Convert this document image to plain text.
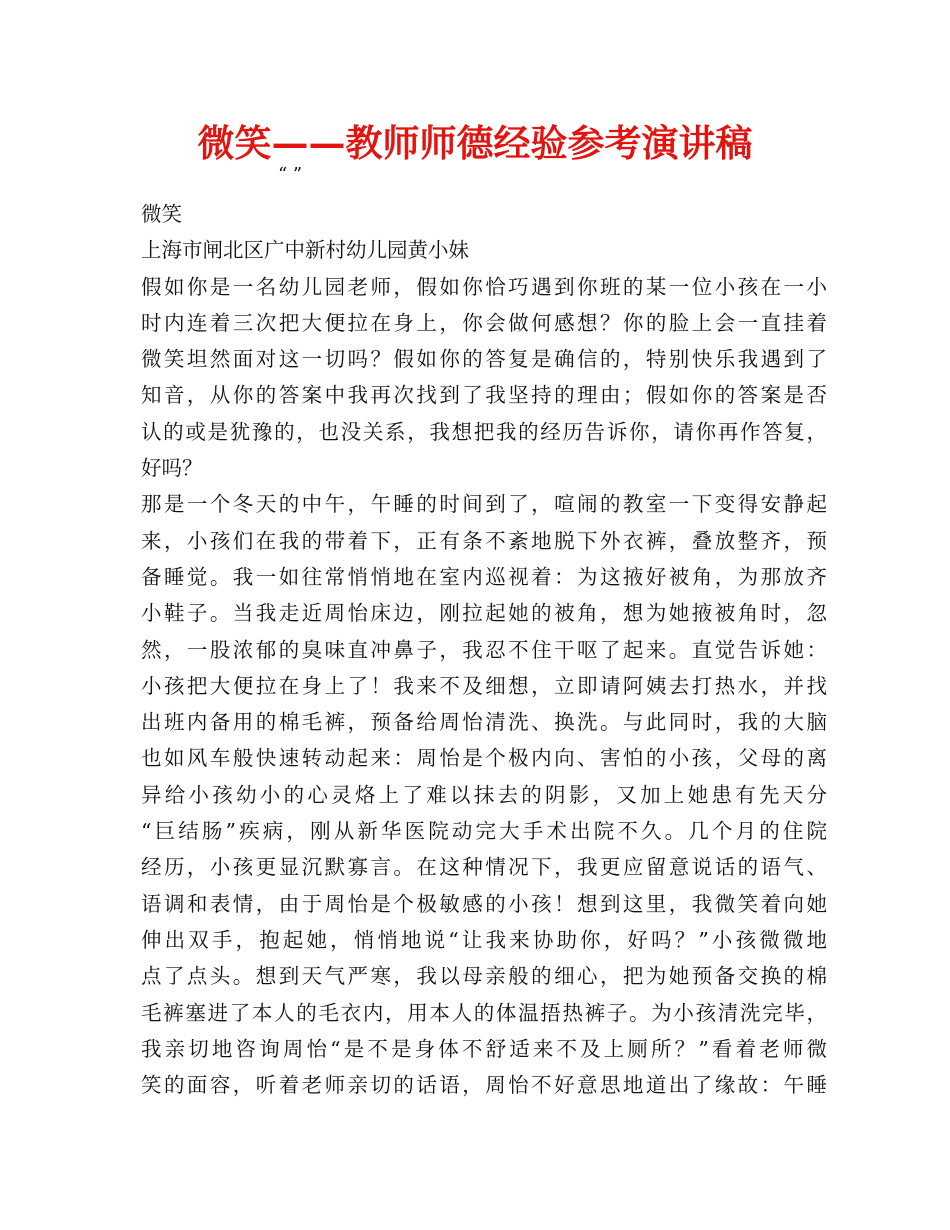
微笑——教师师德经验参考演讲稿
“ ”
微笑
上海市闸北区广中新村幼儿园黄小妹
假如你是一名幼儿园老师，假如你恰巧遇到你班的某一位小孩在一小
时内连着三次把大便拉在身上，你会做何感想？你的脸上会一直挂着
微笑坦然面对这一切吗？假如你的答复是确信的，特别快乐我遇到了
知音，从你的答案中我再次找到了我坚持的理由；假如你的答案是否
认的或是犹豫的，也没关系，我想把我的经历告诉你，请你再作答复，
好吗？
那是一个冬天的中午，午睡的时间到了，喧闹的教室一下变得安静起
来，小孩们在我的带着下，正有条不紊地脱下外衣裤，叠放整齐，预
备睡觉。我一如往常悄悄地在室内巡视着：为这掖好被角，为那放齐
小鞋子。当我走近周怡床边，刚拉起她的被角，想为她掖被角时，忽
然，一股浓郁的臭味直冲鼻子，我忍不住干呕了起来。直觉告诉她：
小孩把大便拉在身上了！我来不及细想，立即请阿姨去打热水，并找
出班内备用的棉毛裤，预备给周怡清洗、换洗。与此同时，我的大脑
也如风车般快速转动起来：周怡是个极内向、害怕的小孩，父母的离
异给小孩幼小的心灵烙上了难以抹去的阴影，又加上她患有先天分
“巨结肠”疾病，刚从新华医院动完大手术出院不久。几个月的住院
经历，小孩更显沉默寡言。在这种情况下，我更应留意说话的语气、
语调和表情，由于周怡是个极敏感的小孩！想到这里，我微笑着向她
伸出双手，抱起她，悄悄地说“让我来协助你，好吗？”小孩微微地
点了点头。想到天气严寒，我以母亲般的细心，把为她预备交换的棉
毛裤塞进了本人的毛衣内，用本人的体温捂热裤子。为小孩清洗完毕，
我亲切地咨询周怡“是不是身体不舒适来不及上厕所？”看着老师微
笑的面容，听着老师亲切的话语，周怡不好意思地道出了缘故：午睡
